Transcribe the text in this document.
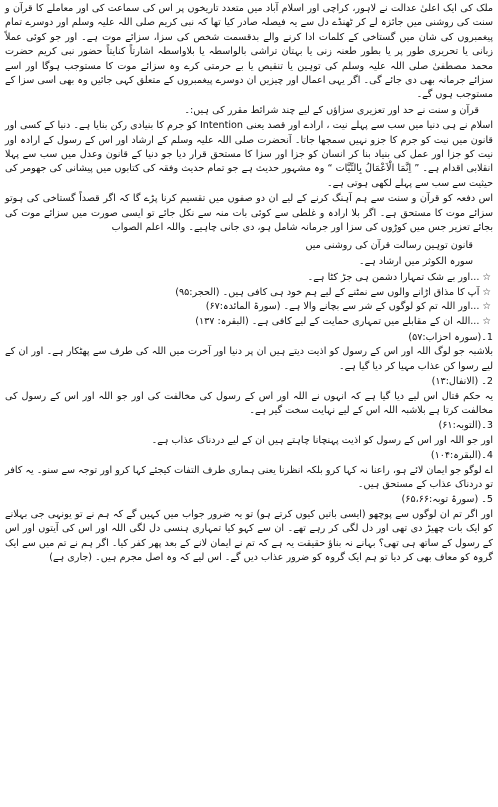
ملک کی ایک اعلیٰ عدالت نے لاہور، کراچی اور اسلام آباد میں متعدد تاریخوں پر اس کی سماعت کی اور معاملے کا قرآن و سنت کی روشنی میں جائزہ لے کر ٹھنڈے دل سے یہ فیصلہ صادر کیا تھا کہ نبی کریم صلی اللہ علیہ وسلم اور دوسرے تمام پیغمبروں کی شان میں گستاخی کے کلمات ادا کرنے والے بدقسمت شخص کی سزا، سزائے موت ہے۔ اور جو کوئی عملاً زبانی یا تحریری طور پر یا بطور طعنہ زنی یا بہتان تراشی بالواسطہ یا بلاواسطہ اشارتاً کنایتاً حضور نبی کریم حضرت محمد مصطفیٰ صلی اللہ علیہ وسلم کی توہین یا تنقیص یا بے حرمتی کرے وہ سزائے موت کا مستوجب ہوگا اور اسے سزائے جرمانہ بھی دی جائے گی۔ اگر یہی اعمال اور چیزیں ان دوسرے پیغمبروں کے متعلق کہی جائیں وہ بھی اسی سزا کے مستوجب ہوں گے۔

قرآن و سنت نے حد اور تعزیری سزاؤں کے لیے چند شرائط مقرر کی ہیں:۔

اسلام نے ہی دنیا میں سب سے پہلے نیت ، ارادے اور قصد یعنی Intention کو جرم کا بنیادی رکن بنایا ہے۔ دنیا کے کسی اور قانون میں نیت کو جرم کا جزو نہیں سمجھا جاتا۔ آنحضرت صلی اللہ علیہ وسلم کے ارشاد اور اس کے رسول کے ارادہ اور نیت کو جزا اور عمل کی بنیاد بنا کر انسان کو جزا اور سزا کا مستحق قرار دیا جو دنیا کے قانون وعدل میں سب سے پہلا انقلابی اقدام ہے۔ ” اِنَّمَا الْاَعْمَالُ بِالنِّیَّات “ وہ مشہور حدیث ہے جو تمام حدیث وفقہ کی کتابوں میں پیشانی کی جھومر کی حیثیت سے سب سے پہلے لکھی ہوتی ہے۔

اس دفعہ کو قرآن و سنت سے ہم آہنگ کرنے کے لیے ان دو صفوں میں تقسیم کرنا پڑے گا کہ اگر قصداً گستاخی کی ہوتو سزائے موت کا مستحق ہے۔ اگر بلا ارادہ و غلطی سے کوئی بات منہ سے نکل جائے تو ایسی صورت میں سزائے موت کی بجائے تعزیر جس میں کوڑوں کی سزا اور جرمانہ شامل ہو، دی جانی چاہیے۔ واللہ اعلم الصواب

قانون توہین رسالت قرآن کی روشنی میں

سورہ الکوثر میں ارشاد ہے۔

☆...اور بے شک تمہارا دشمن ہی جڑ کٹا ہے۔

☆آپ کا مذاق اڑانے والوں سے نمٹنے کے لیے ہم خود ہی کافی ہیں۔ (الحجر:۹۵)

☆...اور اللہ تم کو لوگوں کے شر سے بچانے والا ہے۔ (سورۃ المائدہ:۶۷)

☆...اللہ ان کے مقابلے میں تمہاری حمایت کے لیے کافی ہے۔ (البقرہ: ۱۳۷)

1۔(سورہ احزاب:۵۷)

بلاشبہ جو لوگ اللہ اور اس کے رسول کو اذیت دیتے ہیں ان پر دنیا اور آخرت میں اللہ کی طرف سے پھٹکار ہے۔ اور ان کے لیے رسوا کن عذاب مہیا کر دیا گیا ہے۔

2۔ (الانفال:۱۳)

یہ حکم قتال اس لیے دیا گیا ہے کہ انہوں نے اللہ اور اس کے رسول کی مخالفت کی اور جو اللہ اور اس کے رسول کی مخالفت کرتا ہے بلاشبہ اللہ اس کے لیے نہایت سخت گیر ہے۔

3۔(التوبہ:۶۱)

اور جو اللہ اور اس کے رسول کو اذیت پہنچانا چاہتے ہیں ان کے لیے دردناک عذاب ہے۔

4۔(البقرہ:۱۰۴)

اے لوگو جو ایمان لائے ہو، راعنا نہ کہا کرو بلکہ انظرنا یعنی ہماری طرف التفات کیجئے کہا کرو اور توجہ سے سنو۔ یہ کافر تو دردناک عذاب کے مستحق ہیں۔

5۔ (سورۃ توبہ:۶۵،۶۶)

اور اگر تم ان لوگوں سے پوچھو (ایسی باتیں کیوں کرتے ہو) تو یہ ضرور جواب میں کہیں گے کہ ہم نے تو یونہی جی بہلانے کو ایک بات چھیڑ دی تھی اور دل لگی کر رہے تھے۔ ان سے کہو کیا تمہاری ہنسی دل لگی اللہ اور اس کی آیتوں اور اس کے رسول کے ساتھ ہی تھی؟ بہانے نہ بناؤ حقیقت یہ ہے کہ تم نے ایمان لانے کے بعد پھر کفر کیا۔ اگر ہم نے تم میں سے ایک گروہ کو معاف بھی کر دیا تو ہم ایک گروہ کو ضرور عذاب دیں گے۔ اس لیے کہ وہ اصل مجرم ہیں۔ (جاری ہے)
